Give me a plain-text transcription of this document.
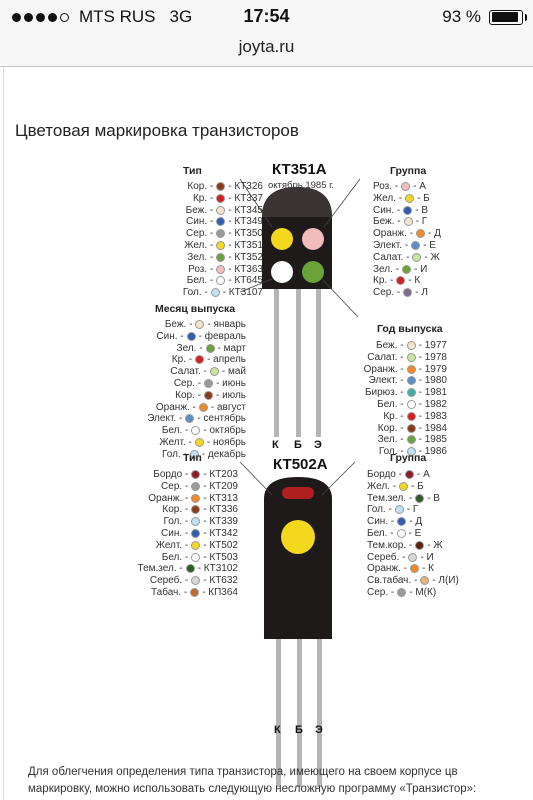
MTS RUS 3G	17:54	93 %
joyta.ru
Цветовая маркировка транзисторов
КТ351А
октябрь 1985 г.
Тип	Группа
Месяц выпуска
Год выпуска
Кор. - - КТ326
Кр. - - КТ337
Беж. - - КТ345
Син. - - КТ349
Сер. - - КТ350
Жел. - - КТ351
Зел. - - КТ352
Роз. - - КТ363
Бел. - - КТ645
Гол. - - КТ3107
Роз. - - А
Жел. - - Б
Син. - - В
Беж. - - Г
Оранж. - - Д
Элект. - - Е
Салат. - - Ж
Зел. - - И
Кр. - - К
Сер. - - Л
Беж. - - январь
Син. - - февраль
Зел. - - март
Кр. - - апрель
Салат. - - май
Сер. - - июнь
Кор. - - июль
Оранж. - - август
Элект. - - сентябрь
Бел. - - октябрь
Желт. - - ноябрь
Гол. - - декабрь
Беж. - - 1977
Салат. - - 1978
Оранж. - - 1979
Элект. - - 1980
Бирюз. - - 1981
Бел. - - 1982
Кр. - - 1983
Кор. - - 1984
Зел. - - 1985
Гол. - - 1986
К Б Э
КТ502А
Тип	Группа
Бордо - - КТ203
Сер. - - КТ209
Оранж. - - КТ313
Кор. - - КТ336
Гол. - - КТ339
Син. - - КТ342
Желт. - - КТ502
Бел. - - КТ503
Тем.зел. - - КТ3102
Сереб. - - КТ632
Табач. - - КП364
Бордо - - А
Жел. - - Б
Тем.зел. - - В
Гол. - - Г
Син. - - Д
Бел. - - Е
Тем.кор. - - Ж
Сереб. - - И
Оранж. - - К
Св.табач. - - Л(И)
Сер. - - М(К)
К Б Э
Для облегчения определения типа транзистора, имеющего на своем корпусе цв
маркировку, можно использовать следующую несложную программу «Транзистор»:
